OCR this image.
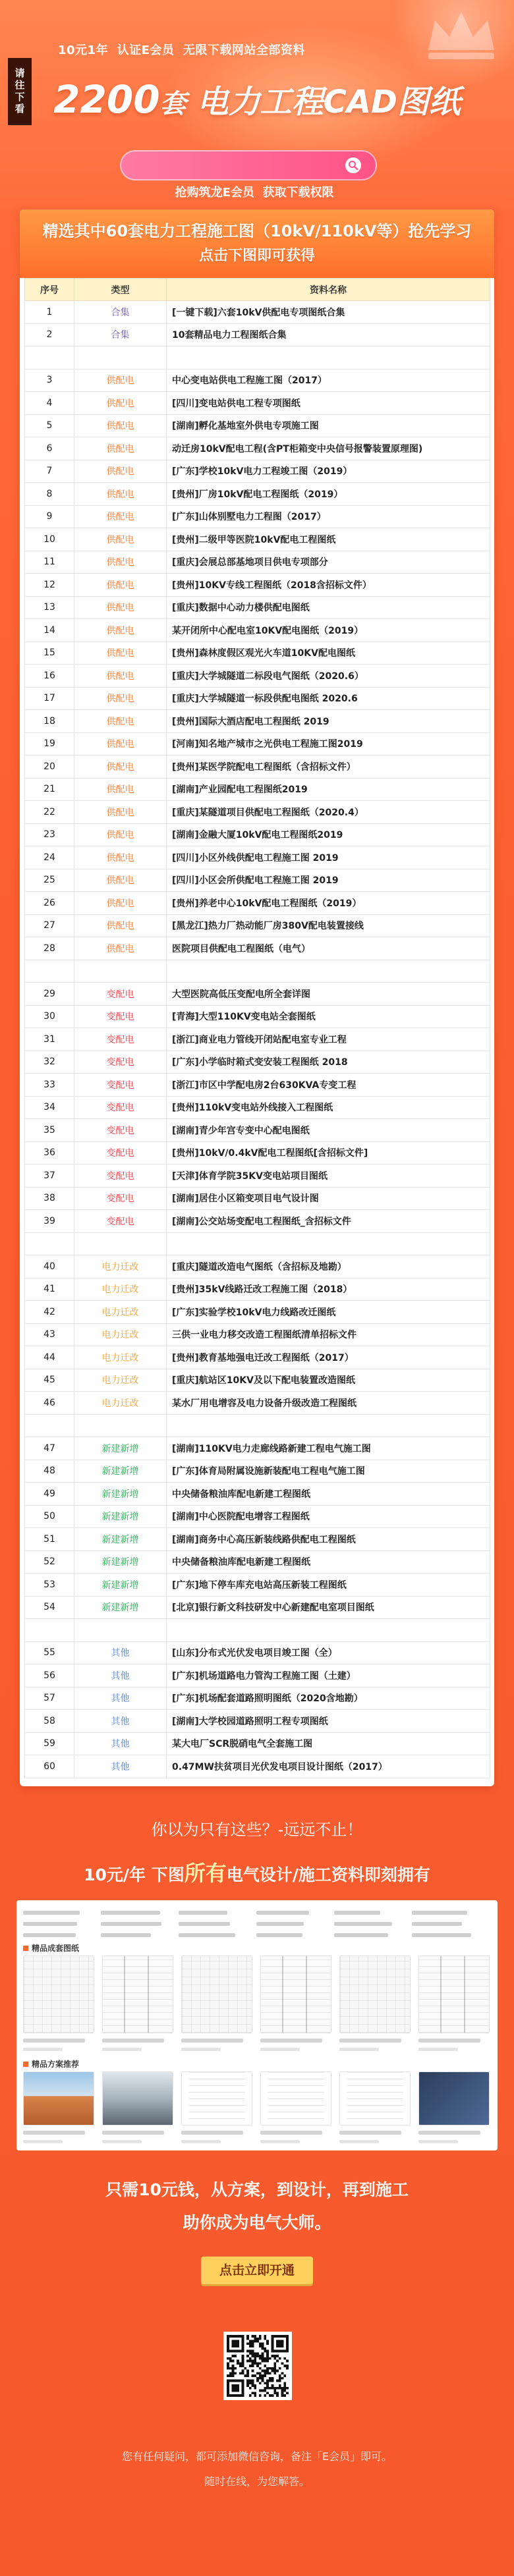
请往下看
10元1年  认证E会员  无限下载网站全部资料
2200套 电力工程CAD图纸

抢购筑龙E会员  获取下载权限

精选其中60套电力工程施工图（10kV/110kV等）抢先学习
点击下图即可获得
序号	类型	资料名称
1	合集	[一键下载]六套10kV供配电专项图纸合集
2	合集	10套精品电力工程图纸合集

3	供配电	中心变电站供电工程施工图（2017）
4	供配电	[四川]变电站供电工程专项图纸
5	供配电	[湖南]孵化基地室外供电专项施工图
6	供配电	动迁房10kV配电工程(含PT柜箱变中央信号报警装置原理图)
7	供配电	[广东]学校10kV电力工程竣工图（2019）
8	供配电	[贵州]厂房10kV配电工程图纸（2019）
9	供配电	[广东]山体别墅电力工程图（2017）
10	供配电	[贵州]二级甲等医院10kV配电工程图纸
11	供配电	[重庆]会展总部基地项目供电专项部分
12	供配电	[贵州]10KV专线工程图纸（2018含招标文件）
13	供配电	[重庆]数据中心动力楼供配电图纸
14	供配电	某开闭所中心配电室10KV配电图纸（2019）
15	供配电	[贵州]森林度假区观光火车道10KV配电图纸
16	供配电	[重庆]大学城隧道二标段电气图纸（2020.6）
17	供配电	[重庆]大学城隧道一标段供配电图纸 2020.6
18	供配电	[贵州]国际大酒店配电工程图纸 2019
19	供配电	[河南]知名地产城市之光供电工程施工图2019
20	供配电	[贵州]某医学院配电工程图纸（含招标文件）
21	供配电	[湖南]产业园配电工程图纸2019
22	供配电	[重庆]某隧道项目供配电工程图纸（2020.4）
23	供配电	[湖南]金融大厦10kV配电工程图纸2019
24	供配电	[四川]小区外线供配电工程施工图 2019
25	供配电	[四川]小区会所供配电工程施工图 2019
26	供配电	[贵州]养老中心10kV配电工程图纸（2019）
27	供配电	[黑龙江]热力厂热动能厂房380V配电装置接线
28	供配电	医院项目供配电工程图纸（电气）

29	变配电	大型医院高低压变配电所全套详图
30	变配电	[青海]大型110KV变电站全套图纸
31	变配电	[浙江]商业电力管线开闭站配电室专业工程
32	变配电	[广东]小学临时箱式变安装工程图纸 2018
33	变配电	[浙江]市区中学配电房2台630KVA专变工程
34	变配电	[贵州]110kV变电站外线接入工程图纸
35	变配电	[湖南]青少年宫专变中心配电图纸
36	变配电	[贵州]10kV/0.4kV配电工程图纸[含招标文件]
37	变配电	[天津]体育学院35KV变电站项目图纸
38	变配电	[湖南]居住小区箱变项目电气设计图
39	变配电	[湖南]公交站场变配电工程图纸_含招标文件

40	电力迁改	[重庆]隧道改造电气图纸（含招标及地勘）
41	电力迁改	[贵州]35kV线路迁改工程施工图（2018）
42	电力迁改	[广东]实验学校10kV电力线路改迁图纸
43	电力迁改	三供一业电力移交改造工程图纸清单招标文件
44	电力迁改	[贵州]教育基地强电迁改工程图纸（2017）
45	电力迁改	[重庆]航站区10KV及以下配电装置改造图纸
46	电力迁改	某水厂用电增容及电力设备升级改造工程图纸

47	新建新增	[湖南]110KV电力走廊线路新建工程电气施工图
48	新建新增	[广东]体育局附属设施新装配电工程电气施工图
49	新建新增	中央储备粮油库配电新建工程图纸
50	新建新增	[湖南]中心医院配电增容工程图纸
51	新建新增	[湖南]商务中心高压新装线路供配电工程图纸
52	新建新增	中央储备粮油库配电新建工程图纸
53	新建新增	[广东]地下停车库充电站高压新装工程图纸
54	新建新增	[北京]银行新文科技研发中心新建配电室项目图纸

55	其他	[山东]分布式光伏发电项目竣工图（全）
56	其他	[广东]机场道路电力管沟工程施工图（土建）
57	其他	[广东]机场配套道路照明图纸（2020含地勘）
58	其他	[湖南]大学校园道路照明工程专项图纸
59	其他	某大电厂SCR脱硝电气全套施工图
60	其他	0.47MW扶贫项目光伏发电项目设计图纸（2017）
你以为只有这些？-远远不止！
10元/年 下图所有电气设计/施工资料即刻拥有
精品成套图纸
精品方案推荐
只需10元钱，从方案，到设计，再到施工
助你成为电气大师。
点击立即开通
您有任何疑问，都可添加微信咨询，备注「E会员」即可。
随时在线，为您解答。
